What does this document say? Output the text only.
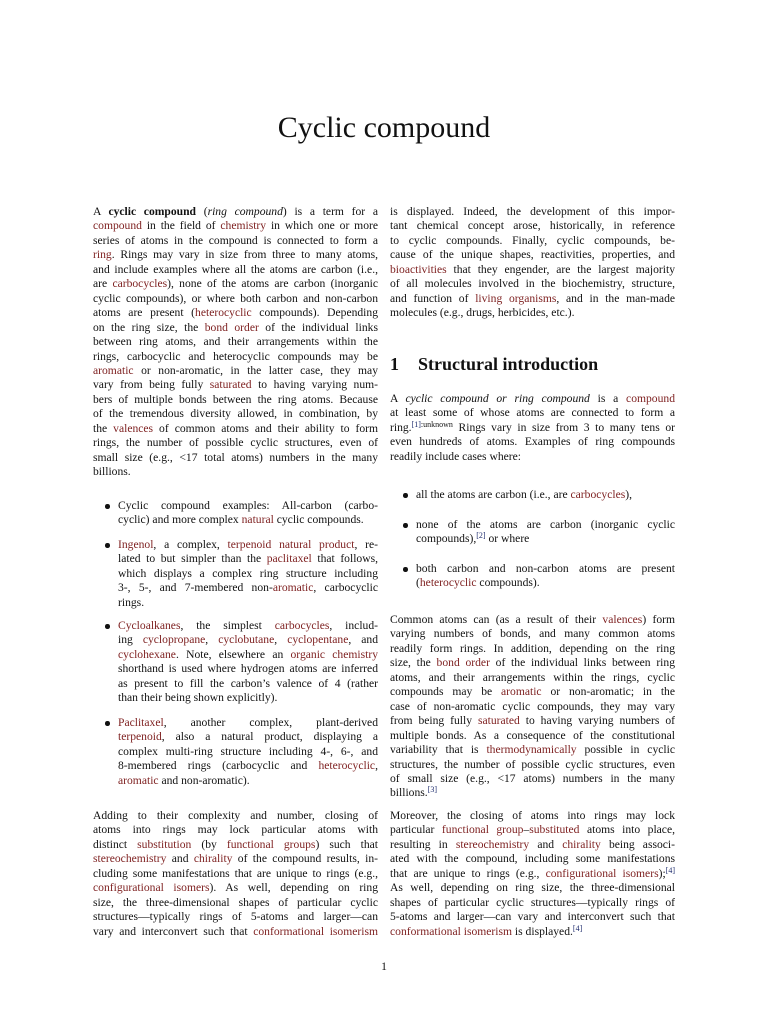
Cyclic compound
A cyclic compound (ring compound) is a term for a
compound in the field of chemistry in which one or more
series of atoms in the compound is connected to form a
ring. Rings may vary in size from three to many atoms,
and include examples where all the atoms are carbon (i.e.,
are carbocycles), none of the atoms are carbon (inorganic
cyclic compounds), or where both carbon and non-carbon
atoms are present (heterocyclic compounds). Depending
on the ring size, the bond order of the individual links
between ring atoms, and their arrangements within the
rings, carbocyclic and heterocyclic compounds may be
aromatic or non-aromatic, in the latter case, they may
vary from being fully saturated to having varying num-
bers of multiple bonds between the ring atoms. Because
of the tremendous diversity allowed, in combination, by
the valences of common atoms and their ability to form
rings, the number of possible cyclic structures, even of
small size (e.g., <17 total atoms) numbers in the many
billions.
Cyclic compound examples: All-carbon (carbo-
cyclic) and more complex natural cyclic compounds.
Ingenol, a complex, terpenoid natural product, re-
lated to but simpler than the paclitaxel that follows,
which displays a complex ring structure including
3-, 5-, and 7-membered non-aromatic, carbocyclic
rings.
Cycloalkanes, the simplest carbocycles, includ-
ing cyclopropane, cyclobutane, cyclopentane, and
cyclohexane. Note, elsewhere an organic chemistry
shorthand is used where hydrogen atoms are inferred
as present to fill the carbon’s valence of 4 (rather
than their being shown explicitly).
Paclitaxel, another complex, plant-derived
terpenoid, also a natural product, displaying a
complex multi-ring structure including 4-, 6-, and
8-membered rings (carbocyclic and heterocyclic,
aromatic and non-aromatic).
Adding to their complexity and number, closing of
atoms into rings may lock particular atoms with
distinct substitution (by functional groups) such that
stereochemistry and chirality of the compound results, in-
cluding some manifestations that are unique to rings (e.g.,
configurational isomers). As well, depending on ring
size, the three-dimensional shapes of particular cyclic
structures—typically rings of 5-atoms and larger—can
vary and interconvert such that conformational isomerism
is displayed. Indeed, the development of this impor-
tant chemical concept arose, historically, in reference
to cyclic compounds. Finally, cyclic compounds, be-
cause of the unique shapes, reactivities, properties, and
bioactivities that they engender, are the largest majority
of all molecules involved in the biochemistry, structure,
and function of living organisms, and in the man-made
molecules (e.g., drugs, herbicides, etc.).
1 Structural introduction
A cyclic compound or ring compound is a compound
at least some of whose atoms are connected to form a
ring.$^{[1]:unknown}$ Rings vary in size from 3 to many tens or
even hundreds of atoms. Examples of ring compounds
readily include cases where:
all the atoms are carbon (i.e., are carbocycles),
none of the atoms are carbon (inorganic cyclic
compounds),[2] or where
both carbon and non-carbon atoms are present
(heterocyclic compounds).
Common atoms can (as a result of their valences) form
varying numbers of bonds, and many common atoms
readily form rings. In addition, depending on the ring
size, the bond order of the individual links between ring
atoms, and their arrangements within the rings, cyclic
compounds may be aromatic or non-aromatic; in the
case of non-aromatic cyclic compounds, they may vary
from being fully saturated to having varying numbers of
multiple bonds. As a consequence of the constitutional
variability that is thermodynamically possible in cyclic
structures, the number of possible cyclic structures, even
of small size (e.g., <17 atoms) numbers in the many
billions.[3]
Moreover, the closing of atoms into rings may lock
particular functional group–substituted atoms into place,
resulting in stereochemistry and chirality being associ-
ated with the compound, including some manifestations
that are unique to rings (e.g., configurational isomers);[4]
As well, depending on ring size, the three-dimensional
shapes of particular cyclic structures—typically rings of
5-atoms and larger—can vary and interconvert such that
conformational isomerism is displayed.[4]
1
